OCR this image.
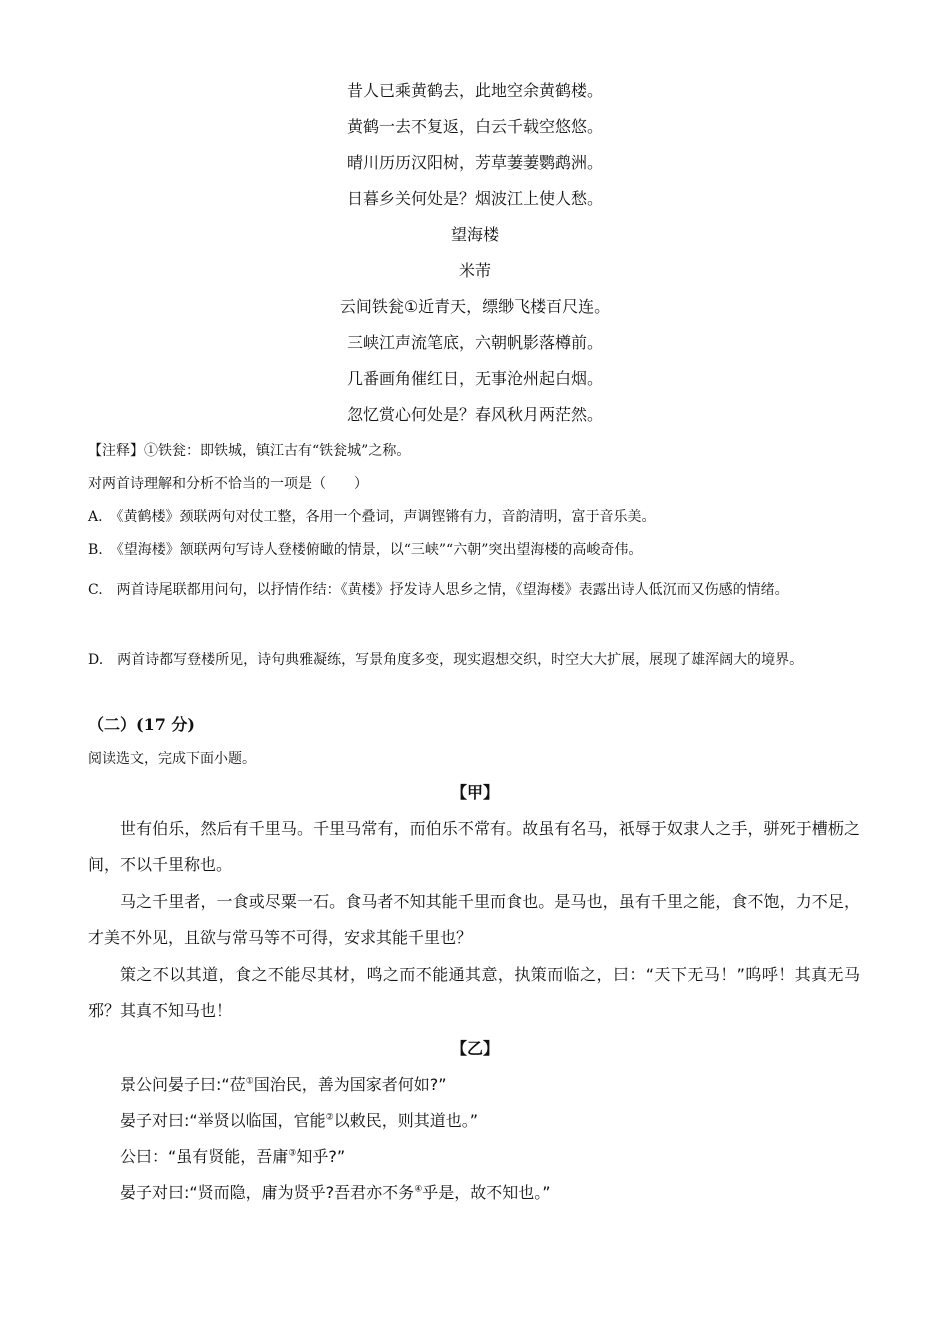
昔人已乘黄鹤去，此地空余黄鹤楼。
黄鹤一去不复返，白云千载空悠悠。
晴川历历汉阳树，芳草萋萋鹦鹉洲。
日暮乡关何处是？烟波江上使人愁。
望海楼
米芾
云间铁瓮①近青天，缥缈飞楼百尺连。
三峡江声流笔底，六朝帆影落樽前。
几番画角催红日，无事沧州起白烟。
忽忆赏心何处是？春风秋月两茫然。
【注释】①铁瓮：即铁城，镇江古有“铁瓮城”之称。
对两首诗理解和分析不恰当的一项是（　　）
A.　《黄鹤楼》颈联两句对仗工整，各用一个叠词，声调铿锵有力，音韵清明，富于音乐美。
B.　《望海楼》颔联两句写诗人登楼俯瞰的情景，以“三峡”“六朝”突出望海楼的高峻奇伟。
C.　两首诗尾联都用问句，以抒情作结：《黄楼》抒发诗人思乡之情，《望海楼》表露出诗人低沉而又伤感的情绪。
D.　两首诗都写登楼所见，诗句典雅凝练，写景角度多变，现实遐想交织，时空大大扩展，展现了雄浑阔大的境界。
（二）(17 分)
阅读选文，完成下面小题。
【甲】
世有伯乐，然后有千里马。千里马常有，而伯乐不常有。故虽有名马，祇辱于奴隶人之手，骈死于槽枥之间，不以千里称也。
马之千里者，一食或尽粟一石。食马者不知其能千里而食也。是马也，虽有千里之能，食不饱，力不足，才美不外见，且欲与常马等不可得，安求其能千里也？
策之不以其道，食之不能尽其材，鸣之而不能通其意，执策而临之，曰：“天下无马！”呜呼！其真无马邪？其真不知马也！
【乙】
景公问晏子曰:“莅①国治民，善为国家者何如?”
晏子对曰:“举贤以临国，官能②以敕民，则其道也。”
公曰：“虽有贤能，吾庸③知乎?”
晏子对曰:“贤而隐，庸为贤乎?吾君亦不务④乎是，故不知也。”
